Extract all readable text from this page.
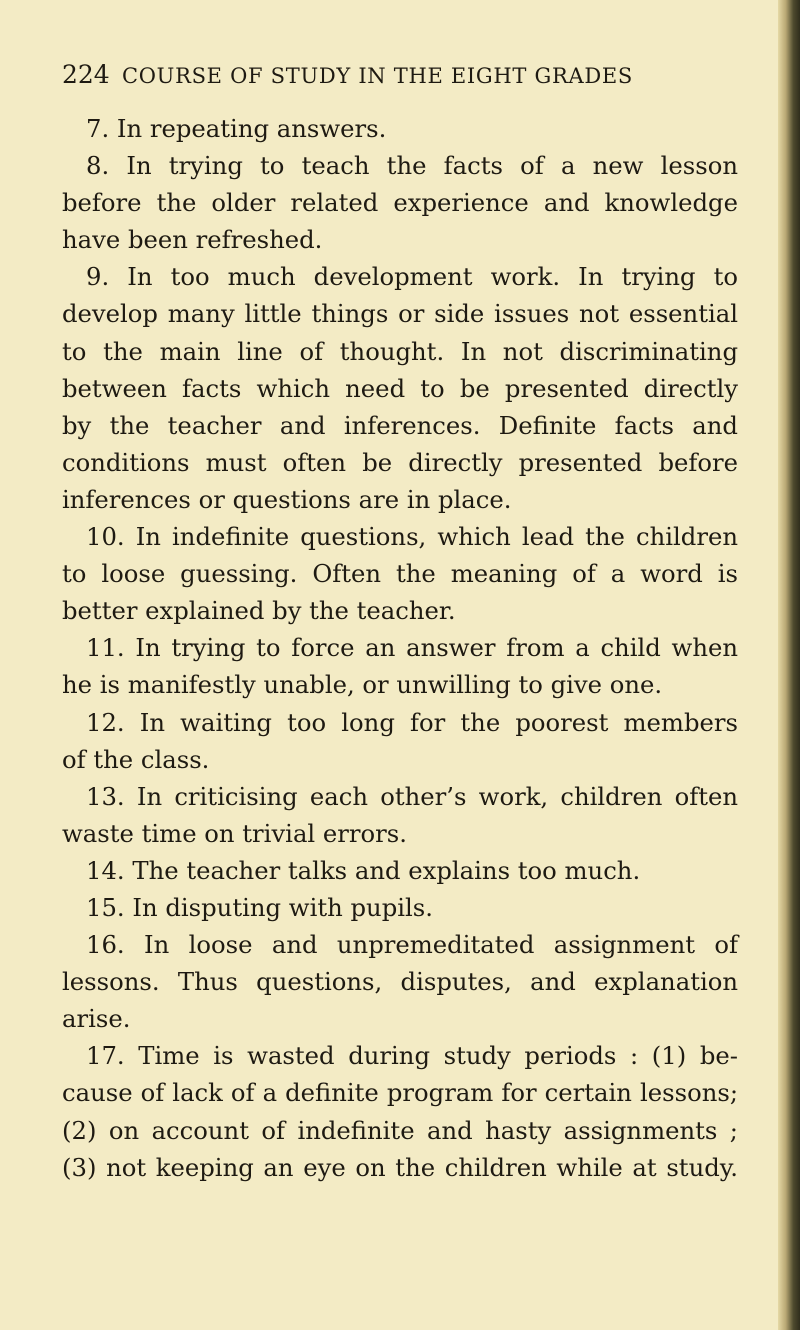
224 COURSE OF STUDY IN THE EIGHT GRADES
7. In repeating answers.
8. In trying to teach the facts of a new lesson
before the older related experience and knowledge
have been refreshed.
9. In too much development work. In trying to
develop many little things or side issues not essential
to the main line of thought. In not discriminating
between facts which need to be presented directly
by the teacher and inferences. Definite facts and
conditions must often be directly presented before
inferences or questions are in place.
10. In indefinite questions, which lead the children
to loose guessing. Often the meaning of a word is
better explained by the teacher.
11. In trying to force an answer from a child when
he is manifestly unable, or unwilling to give one.
12. In waiting too long for the poorest members
of the class.
13. In criticising each other’s work, children often
waste time on trivial errors.
14. The teacher talks and explains too much.
15. In disputing with pupils.
16. In loose and unpremeditated assignment of
lessons. Thus questions, disputes, and explanation
arise.
17. Time is wasted during study periods : (1) be-
cause of lack of a definite program for certain lessons;
(2) on account of indefinite and hasty assignments ;
(3) not keeping an eye on the children while at study.
